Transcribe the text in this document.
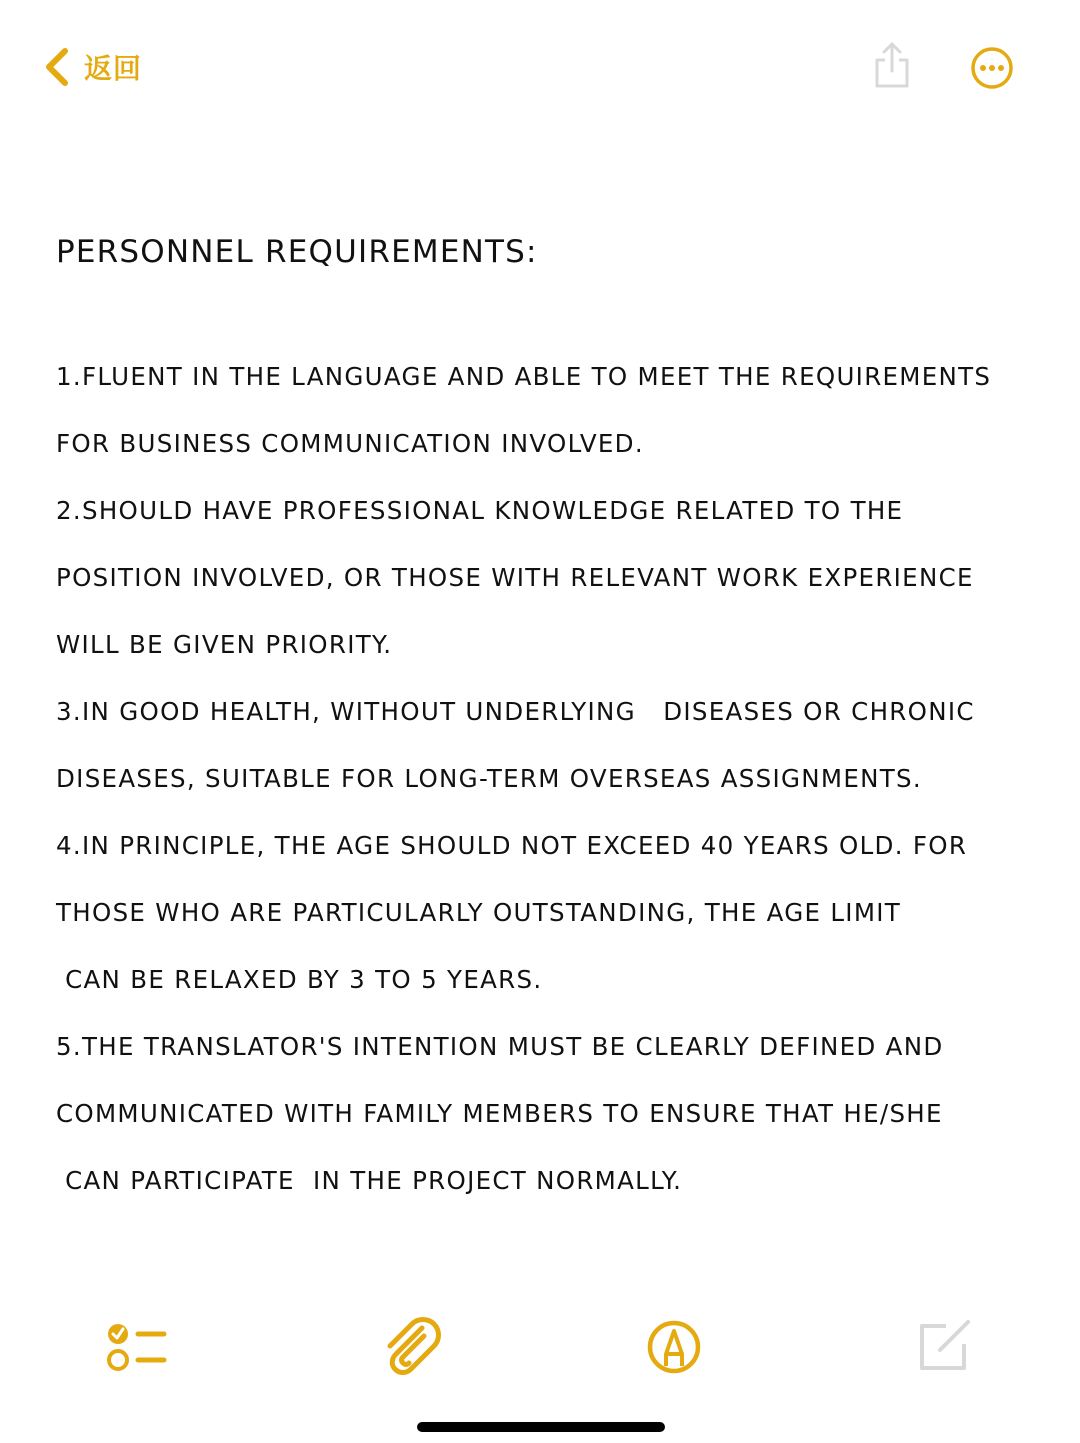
返回
PERSONNEL REQUIREMENTS:
1.FLUENT IN THE LANGUAGE AND ABLE TO MEET THE REQUIREMENTS
FOR BUSINESS COMMUNICATION INVOLVED.
2.SHOULD HAVE PROFESSIONAL KNOWLEDGE RELATED TO THE
POSITION INVOLVED, OR THOSE WITH RELEVANT WORK EXPERIENCE
WILL BE GIVEN PRIORITY.
3.IN GOOD HEALTH, WITHOUT UNDERLYING   DISEASES OR CHRONIC
DISEASES, SUITABLE FOR LONG-TERM OVERSEAS ASSIGNMENTS.
4.IN PRINCIPLE, THE AGE SHOULD NOT EXCEED 40 YEARS OLD. FOR
THOSE WHO ARE PARTICULARLY OUTSTANDING, THE AGE LIMIT
CAN BE RELAXED BY 3 TO 5 YEARS.
5.THE TRANSLATOR'S INTENTION MUST BE CLEARLY DEFINED AND
COMMUNICATED WITH FAMILY MEMBERS TO ENSURE THAT HE/SHE
CAN PARTICIPATE  IN THE PROJECT NORMALLY.
